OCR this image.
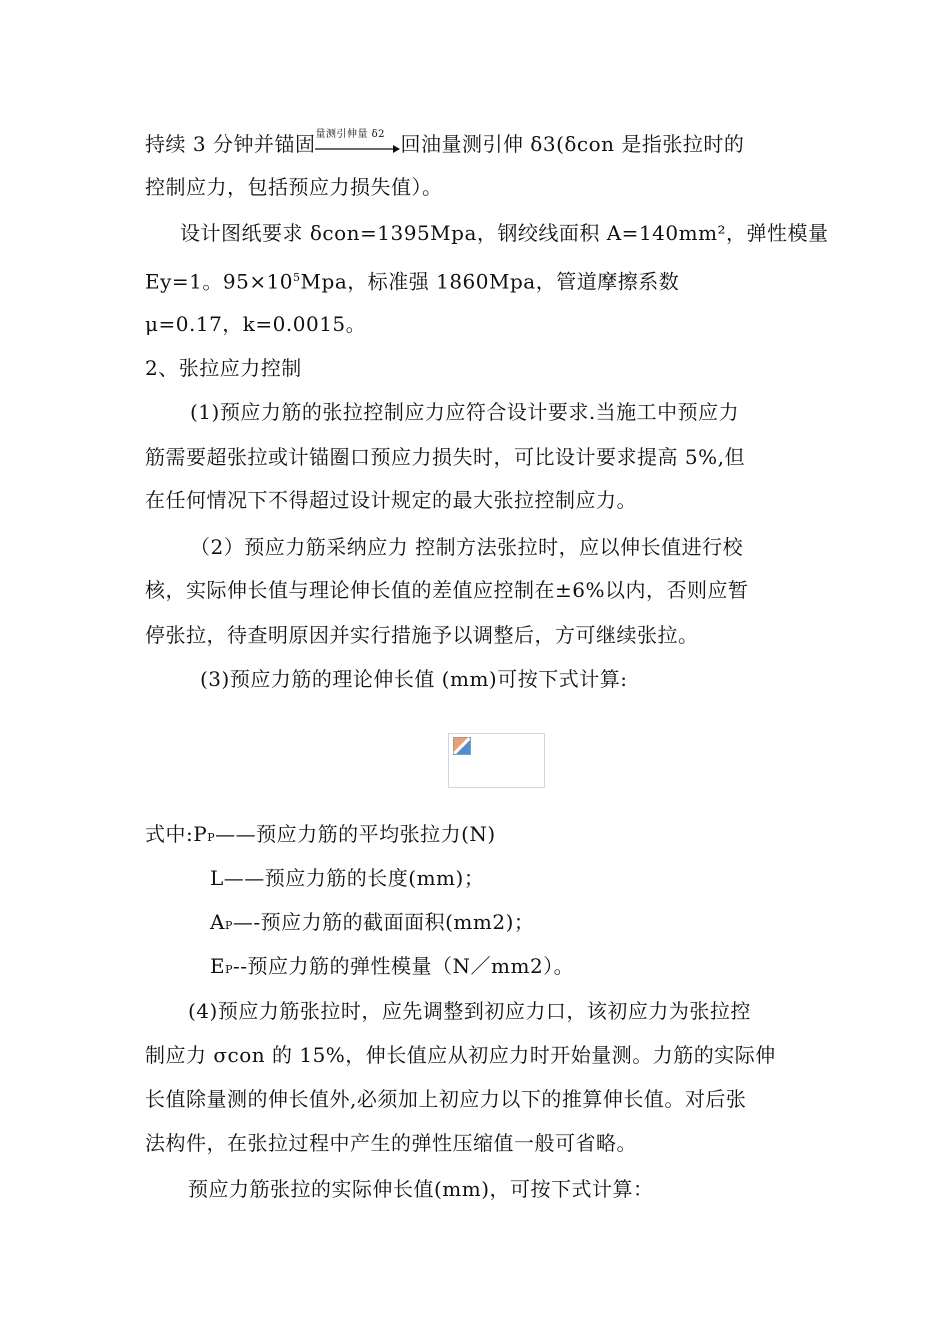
持续 3 分钟并锚固 量测引伸量 δ2 回油量测引伸 δ3(δcon 是指张拉时的
控制应力，包括预应力损失值）。
设计图纸要求 δcon=1395Mpa，钢绞线面积 A=140mm²，弹性模量
Ey=1。$95\times 10^5Mpa$，标准强 1860Mpa，管道摩擦系数
μ=0.17，k=0.0015。
2、张拉应力控制
(1)预应力筋的张拉控制应力应符合设计要求.当施工中预应力
筋需要超张拉或计锚圈口预应力损失时，可比设计要求提高 5%,但
在任何情况下不得超过设计规定的最大张拉控制应力。
（2）预应力筋采纳应力 控制方法张拉时，应以伸长值进行校
核，实际伸长值与理论伸长值的差值应控制在±6%以内，否则应暂
停张拉，待查明原因并实行措施予以调整后，方可继续张拉。
(3)预应力筋的理论伸长值 (mm)可按下式计算:
式中:PP——预应力筋的平均张拉力(N)
L——预应力筋的长度(mm)；
AP—-预应力筋的截面面积(mm2)；
EP--预应力筋的弹性模量（N／mm2）。
(4)预应力筋张拉时，应先调整到初应力口，该初应力为张拉控
制应力 σcon 的 15%，伸长值应从初应力时开始量测。力筋的实际伸
长值除量测的伸长值外,必须加上初应力以下的推算伸长值。对后张
法构件，在张拉过程中产生的弹性压缩值一般可省略。
预应力筋张拉的实际伸长值(mm)，可按下式计算：
